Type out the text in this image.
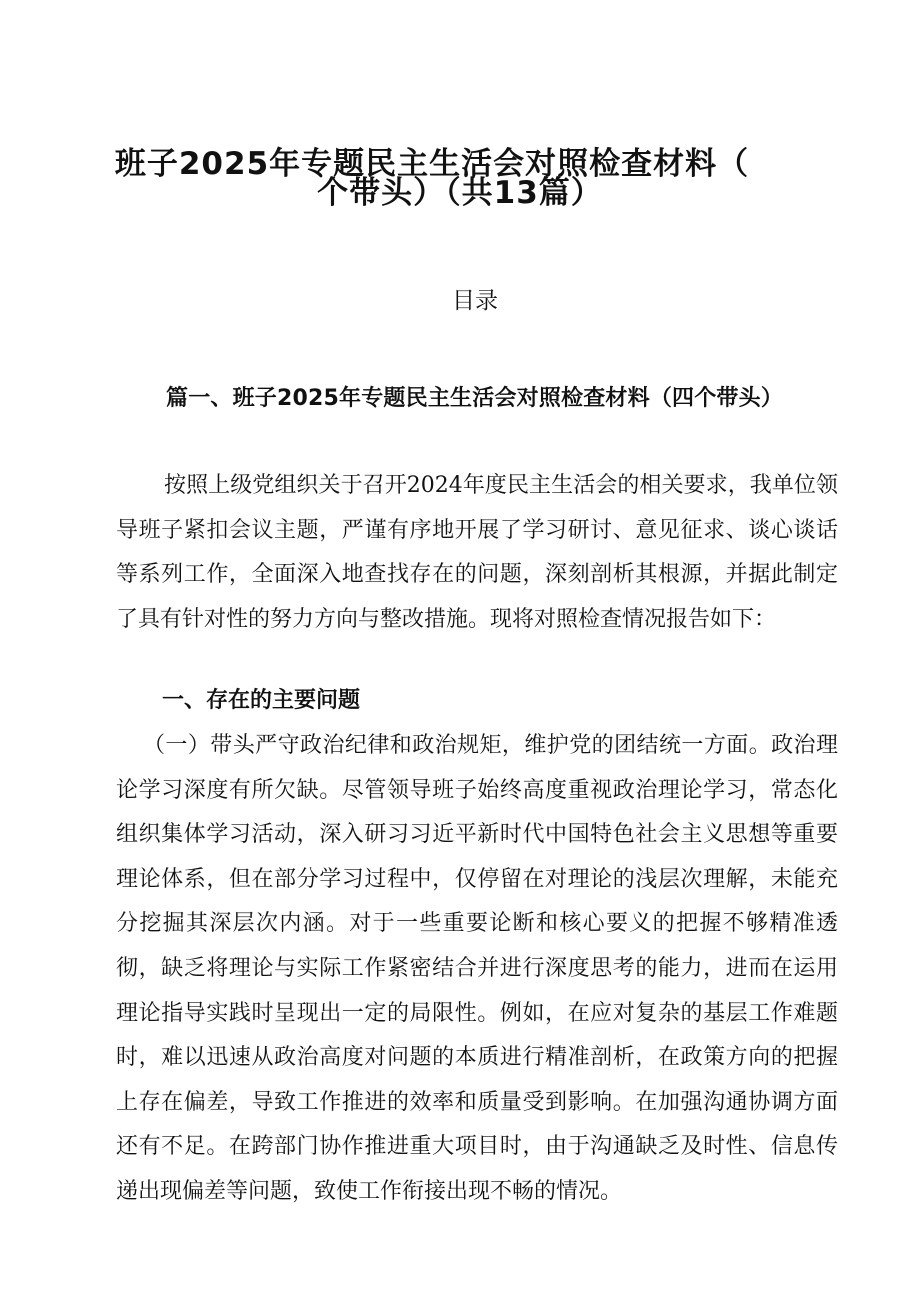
班子2025年专题民主生活会对照检查材料（
个带头）（共13篇）
目录
篇一、班子2025年专题民主生活会对照检查材料（四个带头）
按照上级党组织关于召开2024年度民主生活会的相关要求，我单位领导班子紧扣会议主题，严谨有序地开展了学习研讨、意见征求、谈心谈话等系列工作，全面深入地查找存在的问题，深刻剖析其根源，并据此制定了具有针对性的努力方向与整改措施。现将对照检查情况报告如下：
一、存在的主要问题
（一）带头严守政治纪律和政治规矩，维护党的团结统一方面。政治理论学习深度有所欠缺。尽管领导班子始终高度重视政治理论学习，常态化组织集体学习活动，深入研习习近平新时代中国特色社会主义思想等重要理论体系，但在部分学习过程中，仅停留在对理论的浅层次理解，未能充分挖掘其深层次内涵。对于一些重要论断和核心要义的把握不够精准透彻，缺乏将理论与实际工作紧密结合并进行深度思考的能力，进而在运用理论指导实践时呈现出一定的局限性。例如，在应对复杂的基层工作难题时，难以迅速从政治高度对问题的本质进行精准剖析，在政策方向的把握上存在偏差，导致工作推进的效率和质量受到影响。在加强沟通协调方面还有不足。在跨部门协作推进重大项目时，由于沟通缺乏及时性、信息传递出现偏差等问题，致使工作衔接出现不畅的情况。
